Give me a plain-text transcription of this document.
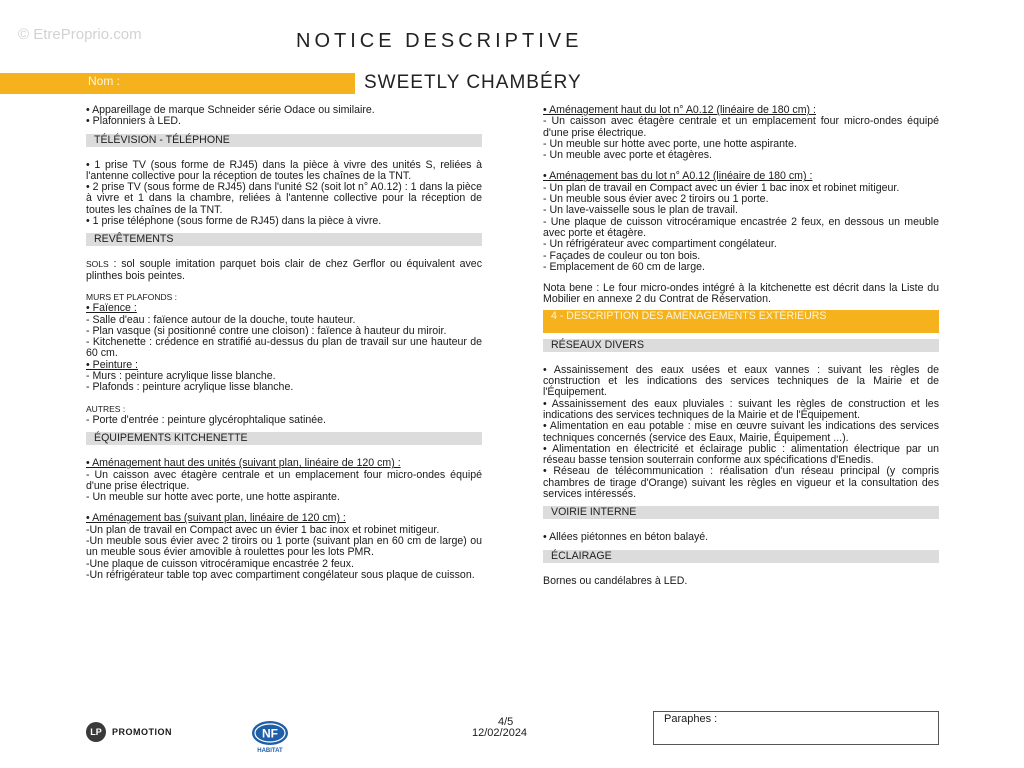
© EtreProprio.com	NOTICE DESCRIPTIVE
Nom :	SWEETLY CHAMBÉRY

• Appareillage de marque Schneider série Odace ou similaire.

• Plafonniers à LED.

TÉLÉVISION - TÉLÉPHONE

• 1 prise TV (sous forme de RJ45) dans la pièce à vivre des unités S, reliées à l'antenne collective pour la réception de toutes les chaînes de la TNT.

• 2 prise TV (sous forme de RJ45) dans l'unité S2 (soit lot n° A0.12) : 1 dans la pièce à vivre et 1 dans la chambre, reliées à l'antenne collective pour la réception de toutes les chaînes de la TNT.

• 1 prise téléphone (sous forme de RJ45) dans la pièce à vivre.

REVÊTEMENTS

SOLS : sol souple imitation parquet bois clair de chez Gerflor ou équivalent avec plinthes bois peintes.

MURS ET PLAFONDS :

• Faïence :

- Salle d'eau : faïence autour de la douche, toute hauteur.

- Plan vasque (si positionné contre une cloison) : faïence à hauteur du miroir.

- Kitchenette : crédence en stratifié au-dessus du plan de travail sur une hauteur de 60 cm.

• Peinture :

- Murs : peinture acrylique lisse blanche.

- Plafonds : peinture acrylique lisse blanche.

AUTRES :

- Porte d'entrée : peinture glycérophtalique satinée.

ÉQUIPEMENTS KITCHENETTE

• Aménagement haut des unités (suivant plan, linéaire de 120 cm) :

- Un caisson avec étagère centrale et un emplacement four micro-ondes équipé d'une prise électrique.

- Un meuble sur hotte avec porte, une hotte aspirante.

• Aménagement bas (suivant plan, linéaire de 120 cm) :

-Un plan de travail en Compact avec un évier 1 bac inox et robinet mitigeur.

-Un meuble sous évier avec 2 tiroirs ou 1 porte (suivant plan en 60 cm de large) ou un meuble sous évier amovible à roulettes pour les lots PMR.

-Une plaque de cuisson vitrocéramique encastrée 2 feux.

-Un réfrigérateur table top avec compartiment congélateur sous plaque de cuisson.

• Aménagement haut du lot n° A0.12 (linéaire de 180 cm) :

- Un caisson avec étagère centrale et un emplacement four micro-ondes équipé d'une prise électrique.

- Un meuble sur hotte avec porte, une hotte aspirante.

- Un meuble avec porte et étagères.

• Aménagement bas du lot n° A0.12 (linéaire de 180 cm) :

- Un plan de travail en Compact avec un évier 1 bac inox et robinet mitigeur.

- Un meuble sous évier avec 2 tiroirs ou 1 porte.

- Un lave-vaisselle sous le plan de travail.

- Une plaque de cuisson vitrocéramique encastrée 2 feux, en dessous un meuble avec porte et étagère.

- Un réfrigérateur avec compartiment congélateur.

- Façades de couleur ou ton bois.

- Emplacement de 60 cm de large.

Nota bene : Le four micro-ondes intégré à la kitchenette est décrit dans la Liste du Mobilier en annexe 2 du Contrat de Réservation.

4 - DESCRIPTION DES AMÉNAGEMENTS EXTÉRIEURS
RÉSEAUX DIVERS

• Assainissement des eaux usées et eaux vannes : suivant les règles de construction et les indications des services techniques de la Mairie et de l'Équipement.

• Assainissement des eaux pluviales : suivant les règles de construction et les indications des services techniques de la Mairie et de l'Équipement.

• Alimentation en eau potable : mise en œuvre suivant les indications des services techniques concernés (service des Eaux, Mairie, Équipement ...).

• Alimentation en électricité et éclairage public : alimentation électrique par un réseau basse tension souterrain conforme aux spécifications d'Enedis.

• Réseau de télécommunication : réalisation d'un réseau principal (y compris chambres de tirage d'Orange) suivant les règles en vigueur et la consultation des services intéressés.

VOIRIE INTERNE

• Allées piétonnes en béton balayé.

ÉCLAIRAGE

Bornes ou candélabres à LED.

LP	PROMOTION	NF
HABITAT
4/5
12/02/2024
Paraphes :
